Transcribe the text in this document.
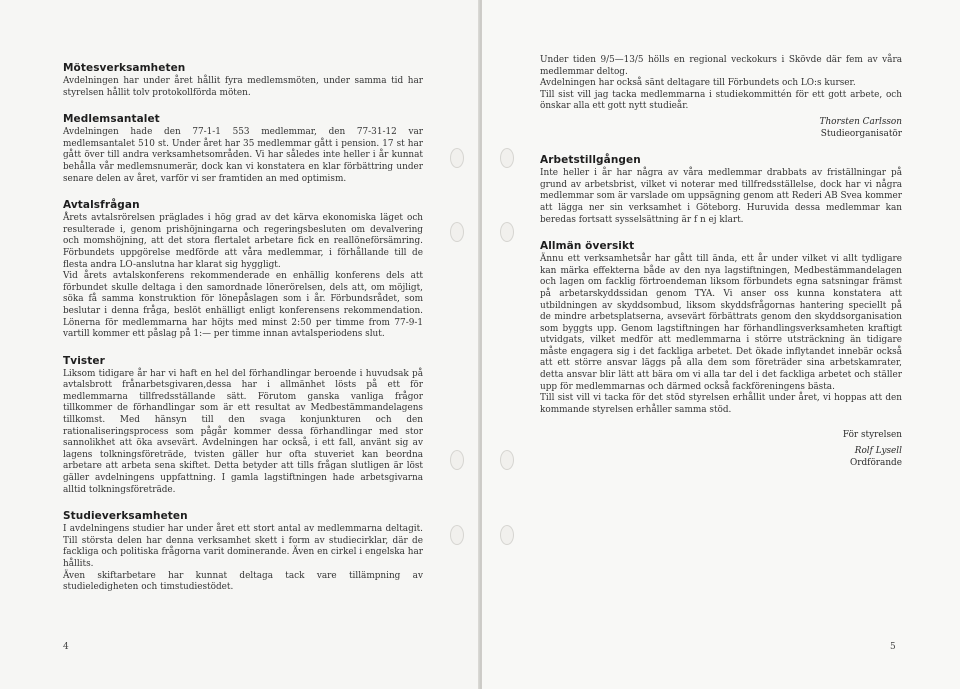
Mötesverksamheten

Avdelningen har under året hållit fyra medlemsmöten, under samma tid har styrelsen hållit tolv protokollförda möten.

Medlemsantalet

Avdelningen hade den 77-1-1 553 medlemmar, den 77-31-12 var medlemsantalet 510 st. Under året har 35 medlemmar gått i pension. 17 st har gått över till andra verksamhetsområden. Vi har således inte heller i år kunnat behålla vår medlemsnumerär, dock kan vi konstatera en klar förbättring under senare delen av året, varför vi ser framtiden an med optimism.

Avtalsfrågan

Årets avtalsrörelsen präglades i hög grad av det kärva ekonomiska läget och resulterade i, genom prishöjningarna och regeringsbesluten om devalvering och momshöjning, att det stora flertalet arbetare fick en reallöneförsämring. Förbundets uppgörelse medförde att våra medlemmar, i förhållande till de flesta andra LO-anslutna har klarat sig hyggligt.

Vid årets avtalskonferens rekommenderade en enhällig konferens dels att förbundet skulle deltaga i den samordnade lönerörelsen, dels att, om möjligt, söka få samma konstruktion för lönepåslagen som i år. Förbundsrådet, som beslutar i denna fråga, beslöt enhälligt enligt konferensens rekommendation. Lönerna för medlemmarna har höjts med minst 2:50 per timme from 77-9-1 vartill kommer ett påslag på 1:— per timme innan avtalsperiodens slut.

Tvister

Liksom tidigare år har vi haft en hel del förhandlingar beroende i huvudsak på avtalsbrott frånarbetsgivaren,dessa har i allmänhet lösts på ett för medlemmarna tillfredsställande sätt. Förutom ganska vanliga frågor tillkommer de förhandlingar som är ett resultat av Medbestämmandelagens tillkomst. Med hänsyn till den svaga konjunkturen och den rationaliseringsprocess som pågår kommer dessa förhandlingar med stor sannolikhet att öka avsevärt. Avdelningen har också, i ett fall, använt sig av lagens tolkningsföreträde, tvisten gäller hur ofta stuveriet kan beordna arbetare att arbeta sena skiftet. Detta betyder att tills frågan slutligen är löst gäller avdelningens uppfattning. I gamla lagstiftningen hade arbetsgivarna alltid tolkningsföreträde.

Studieverksamheten

I avdelningens studier har under året ett stort antal av medlemmarna deltagit. Till största delen har denna verksamhet skett i form av studiecirklar, där de fackliga och politiska frågorna varit dominerande. Även en cirkel i engelska har hållits.

Även skiftarbetare har kunnat deltaga tack vare tillämpning av studieledigheten och timstudiestödet.

4

Under tiden 9/5—13/5 hölls en regional veckokurs i Skövde där fem av våra medlemmar deltog.

Avdelningen har också sänt deltagare till Förbundets och LO:s kurser.

Till sist vill jag tacka medlemmarna i studiekommittén för ett gott arbete, och önskar alla ett gott nytt studieår.

Thorsten Carlsson
Studieorganisatör
Arbetstillgången

Inte heller i år har några av våra medlemmar drabbats av friställningar på grund av arbetsbrist, vilket vi noterar med tillfredsställelse, dock har vi några medlemmar som är varslade om uppsägning genom att Rederi AB Svea kommer att lägga ner sin verksamhet i Göteborg. Huruvida dessa medlemmar kan beredas fortsatt sysselsättning är f n ej klart.

Allmän översikt

Ännu ett verksamhetsår har gått till ända, ett år under vilket vi allt tydligare kan märka effekterna både av den nya lagstiftningen, Medbestämmandelagen och lagen om facklig förtroendeman liksom förbundets egna satsningar främst på arbetarskyddssidan genom TYA. Vi anser oss kunna konstatera att utbildningen av skyddsombud, liksom skyddsfrågornas hantering speciellt på de mindre arbetsplatserna, avsevärt förbättrats genom den skyddsorganisation som byggts upp. Genom lagstiftningen har förhandlingsverksamheten kraftigt utvidgats, vilket medför att medlemmarna i större utsträckning än tidigare måste engagera sig i det fackliga arbetet. Det ökade inflytandet innebär också att ett större ansvar läggs på alla dem som företräder sina arbetskamrater, detta ansvar blir lätt att bära om vi alla tar del i det fackliga arbetet och ställer upp för medlemmarnas och därmed också fackföreningens bästa.

Till sist vill vi tacka för det stöd styrelsen erhållit under året, vi hoppas att den kommande styrelsen erhåller samma stöd.

För styrelsen
Rolf Lysell
Ordförande
5
